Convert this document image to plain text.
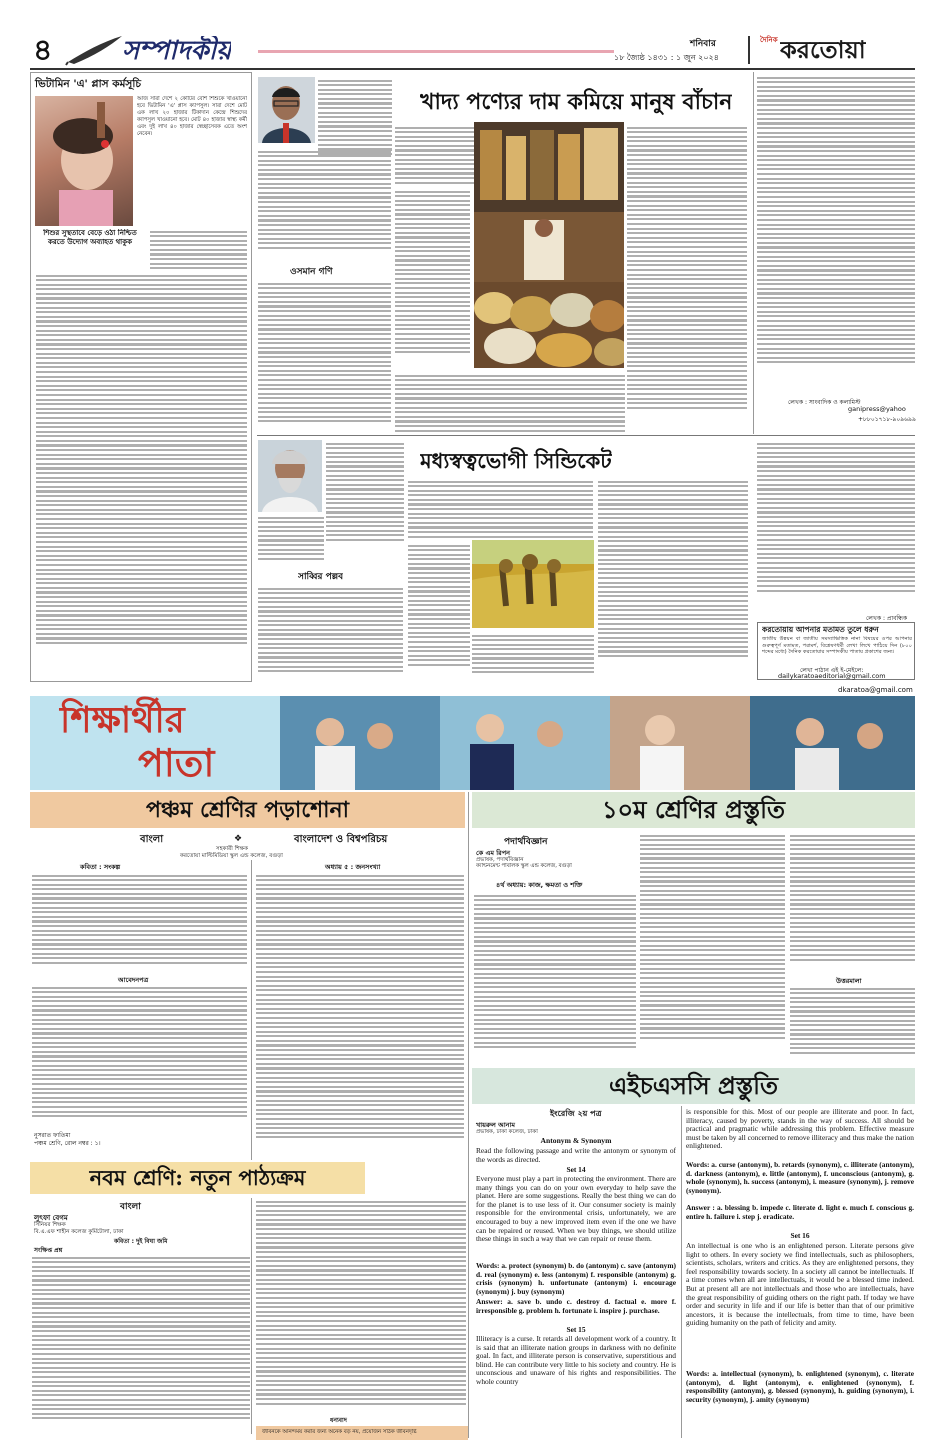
৪	সম্পাদকীয়	শনিবার
১৮ জ্যৈষ্ঠ ১৪৩১ : ১ জুন ২০২৪
দৈনিক করতোয়া
ভিটামিন 'এ' প্লাস কর্মসূচি
আজ সারা দেশে ২ কোটির বেশি শিশুকে খাওয়ানো হবে ভিটামিন 'এ' প্লাস ক্যাপসুল। সারা দেশে মোট এক লাখ ২০ হাজার টিকাদান কেন্দ্রে শিশুদের ক্যাপসুল খাওয়ানো হবে। মোট ৪০ হাজার স্বাস্থ্য কর্মী এবং দুই লাখ ৪০ হাজার স্বেচ্ছাসেবক এতে অংশ নেবেন।
শিশুর সুস্থতাবে বেড়ে ওঠা নিশ্চিত করতে উদ্যোগ অব্যাহত থাকুক
খাদ্য পণ্যের দাম কমিয়ে মানুষ বাঁচান
ওসমান গণি
লেখক : সাংবাদিক ও কলামিস্ট
ganipress@yahoo
+৮৮০১৭১৮-৯০৯৬৯৯
মধ্যস্বত্বভোগী সিন্ডিকেট
সাব্বির পল্লব
লেখক : প্রাবন্ধিক
করতোয়ায় আপনার মতামত তুলে ধরুন
জাতীয় উন্নয়ন বা জাতীয় সমস্যাভিত্তিক নানা বিষয়ের ওপর আপনার গুরুত্বপূর্ণ মতামত, পরামর্শ, বিশ্লেষণধর্মী লেখা লিখে পাঠিয়ে দিন (৮০০ শব্দের মধ্যে) দৈনিক করতোয়ার সম্পাদকীয় পাতায় প্রকাশের জন্য।
লেখা পাঠান এই ই-মেইলে:
dailykaratoaeditorial@gmail.com
dkaratoa@gmail.com
শিক্ষার্থীর
পাতা
পঞ্চম শ্রেণির পড়াশোনা
বাংলা	❖	বাংলাদেশ ও বিশ্বপরিচয়
সহকারী শিক্ষক
করতোয়া মাল্টিমিডিয়া স্কুল এন্ড কলেজ, বগুড়া
কবিতা : সংকল্প	অধ্যায় ৫ : জনসংখ্যা
আবেদনপত্র
নুসরাত ফাতিমা
পঞ্চম শ্রেণি, রোল নম্বর : ১।
নবম শ্রেণি: নতুন পাঠ্যক্রম
বাংলা
লুৎফা বেগম
সিনিয়র শিক্ষক
বি.এ.এফ শাহীন কলেজ কুর্মিটোলা, ঢাকা
কবিতা : দুই বিঘা জমি
সংক্ষিপ্ত প্রশ্ন
ধন্যবাদ
জীবনকে আনন্দময় করার জন্য অনেক বড় নয়, প্রয়োজন সঠিক জীবনদৃষ্টি
১০ম শ্রেণির প্রস্তুতি
পদার্থবিজ্ঞান
কে এম রিপন
প্রভাষক, পদার্থবিজ্ঞান
ক্যান্টনমেন্ট পাবলিক স্কুল এন্ড কলেজ, বগুড়া
৪র্থ অধ্যায়: কাজ, ক্ষমতা ও শক্তি
উত্তরমালা
এইচএসসি প্রস্তুতি
ইংরেজি ২য় পত্র
খায়রুল আনাম
প্রভাষক, ঢাকা কলেজ, ঢাকা
Antonym & Synonym
Read the following passage and write the antonym or synonym of the words as directed.
Set 14
Everyone must play a part in protecting the environment. There are many things you can do on your own everyday to help save the planet. Here are some suggestions. Really the best thing we can do for the planet is to use less of it. Our consumer society is mainly responsible for the environmental crisis, unfortunately, we are encouraged to buy a new improved item even if the one we have can be repaired or reused. When we buy things, we should utilize these things in such a way that we can repair or reuse them.
Words: a. protect (synonym) b. do (antonym) c. save (antonym) d. real (synonym) e. less (antonym) f. responsible (antonym) g. crisis (synonym) h. unfortunate (antonym) i. encourage (synonym) j. buy (synonym)
Answer: a. save b. undo c. destroy d. factual e. more f. irresponsible g. problem h. fortunate i. inspire j. purchase.
Set 15
Illiteracy is a curse. It retards all development work of a country. It is said that an illiterate nation groups in darkness with no definite goal. In fact, and illiterate person is conservative, superstitious and blind. He can contribute very little to his society and country. He is unconscious and unaware of his rights and responsibilities. The whole country
is responsible for this. Most of our people are illiterate and poor. In fact, illiteracy, caused by poverty, stands in the way of success. All should be practical and pragmatic while addressing this problem. Effective measure must be taken by all concerned to remove illiteracy and thus make the nation enlightened.
Words: a. curse (antonym), b. retards (synonym), c. illiterate (antonym), d. darkness (antonym), e. little (antonym), f. unconscious (antonym), g. whole (synonym), h. success (antonym), i. measure (synonym), j. remove (synonym).
Answer : a. blessing b. impede c. literate d. light e. much f. conscious g. entire h. failure i. step j. eradicate.
Set 16
An intellectual is one who is an enlightened person. Literate persons give light to others. In every society we find intellectuals, such as philosophers, scientists, scholars, writers and critics. As they are enlightened persons, they feel responsibility towards society. In a society all cannot be intellectuals. If a time comes when all are intellectuals, it would be a blessed time indeed. But at present all are not intellectuals and those who are intellectuals, have the great responsibility of guiding others on the right path. If today we have order and security in life and if our life is better than that of our primitive ancestors, it is because the intellectuals, from time to time, have been guiding humanity on the path of felicity and amity.
Words: a. intellectual (synonym), b. enlightened (synonym), c. literate (antonym), d. light (antonym), e. enlightened (synonym), f. responsibility (antonym), g. blessed (synonym), h. guiding (synonym), i. security (synonym), j. amity (synonym)
